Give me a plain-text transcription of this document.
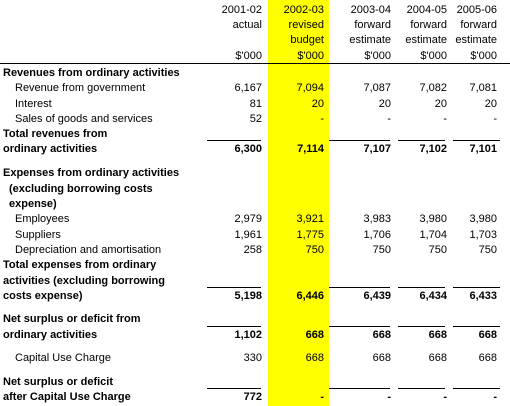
2001-02
actual
$'000
2002-03
revised
budget
$'000
2003-04
forward
estimate
$'000
2004-05
forward
estimate
$'000
2005-06
forward
estimate
$'000
Revenues from ordinary activities
Revenue from government	6,167	7,094	7,087	7,082 7,081
Interest	81	20	20	20	20
Sales of goods and services	52	-	-	-	-
Total revenues from
ordinary activities	6,300	7,114	7,107	7,102 7,101
Expenses from ordinary activities
(excluding borrowing costs
expense)
Employees	2,979	3,921	3,983	3,980 3,980
Suppliers	1,961	1,775	1,706	1,704 1,703
Depreciation and amortisation	258	750	750	750	750
Total expenses from ordinary
activities (excluding borrowing
costs expense)	5,198	6,446	6,439	6,434 6,433
Net surplus or deficit from
ordinary activities	1,102	668	668	668	668
Capital Use Charge	330	668	668	668	668
Net surplus or deficit
after Capital Use Charge	772	-	-	-	-
